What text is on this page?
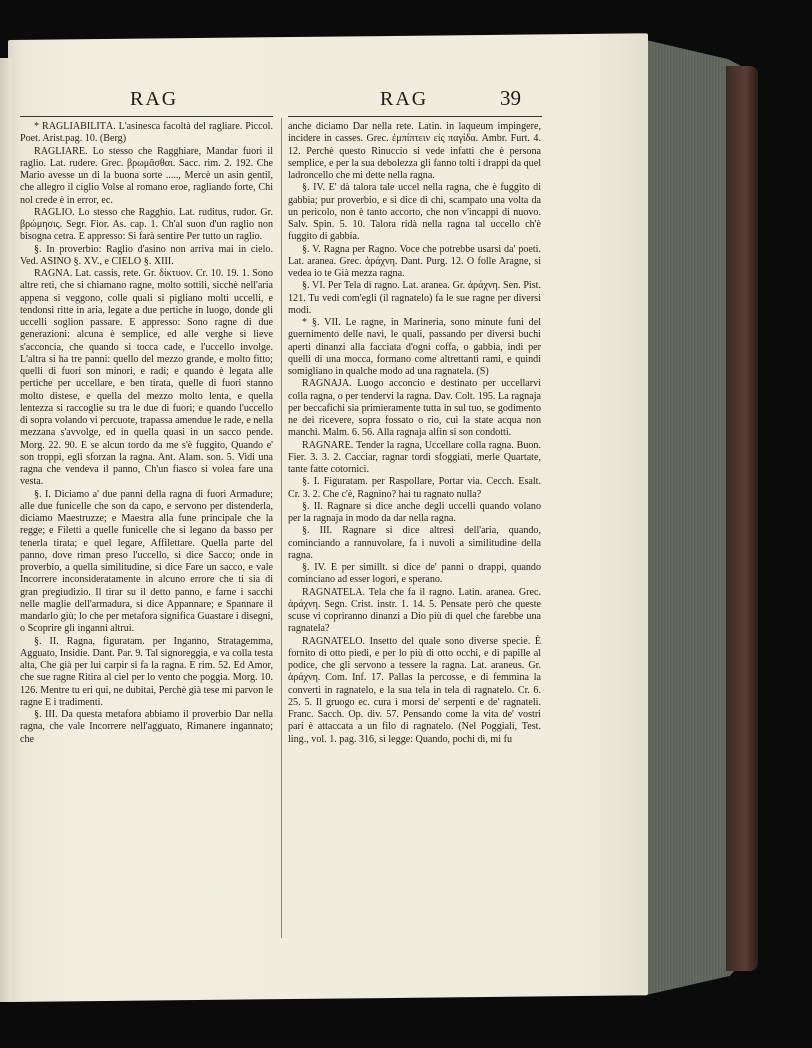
RAG	RAG	39

* RAGLIABILITÀ. L'asinesca facoltà del ragliare. Piccol. Poet. Arist.pag. 10. (Berg)

RAGLIARE. Lo stesso che Ragghiare, Mandar fuori il raglio. Lat. rudere. Grec. βρωμᾶσθαι. Sacc. rim. 2. 192. Che Mario avesse un di la buona sorte ....., Mercè un asin gentil, che allegro il ciglio Volse al romano eroe, ragliando forte, Chi nol crede è in error, ec.

RAGLIO. Lo stesso che Ragghio. Lat. ruditus, rudor. Gr. βρώμησις. Segr. Fior. As. cap. 1. Ch'al suon d'un raglio non bisogna cetra. E appresso: Si farà sentire Per tutto un raglio.

§. In proverbio: Raglio d'asino non arriva mai in cielo. Ved. ASINO §. XV., e CIELO §. XIII.

RAGNA. Lat. cassis, rete. Gr. δίκτυον. Cr. 10. 19. 1. Sono altre reti, che si chiamano ragne, molto sottili, sicchè nell'aria appena si veggono, colle quali si pigliano molti uccelli, e tendonsi ritte in aria, legate a due pertiche in luogo, donde gli uccelli soglion passare. E appresso: Sono ragne di due generazioni: alcuna è semplice, ed alle verghe si lieve s'acconcia, che quando si tocca cade, e l'uccello involge. L'altra si ha tre panni: quello del mezzo grande, e molto fitto; quelli di fuori son minori, e radi; e quando è legata alle pertiche per uccellare, e ben tirata, quelle di fuori stanno molto distese, e quella del mezzo molto lenta, e quella lentezza si raccoglie su tra le due di fuori; e quando l'uccello di sopra volando vi percuote, trapassa amendue le rade, e nella mezzana s'avvolge, ed in quella quasi in un sacco pende. Morg. 22. 90. E se alcun tordo da me s'è fuggito, Quando e' son troppi, egli sforzan la ragna. Ant. Alam. son. 5. Vidi una ragna che vendeva il panno, Ch'un fiasco si volea fare una vesta.

§. I. Diciamo a' due panni della ragna di fuori Armadure; alle due funicelle che son da capo, e servono per distenderla, diciamo Maestruzze; e Maestra alla fune principale che la regge; e Filetti a quelle funicelle che si legano da basso per tenerla tirata; e quel legare, Affilettare. Quella parte del panno, dove riman preso l'uccello, si dice Sacco; onde in proverbio, a quella similitudine, si dice Fare un sacco, e vale Incorrere inconsideratamente in alcuno errore che ti sia di gran pregiudizio. Il tirar su il detto panno, e farne i sacchi nelle maglie dell'armadura, si dice Appannare; e Spannare il mandarlo giù; lo che per metafora significa Guastare i disegni, o Scoprire gli inganni altrui.

§. II. Ragna, figuratam. per Inganno, Stratagemma, Agguato, Insidie. Dant. Par. 9. Tal signoreggia, e va colla testa alta, Che già per lui carpir si fa la ragna. E rim. 52. Ed Amor, che sue ragne Ritira al ciel per lo vento che poggia. Morg. 10. 126. Mentre tu eri qui, ne dubitai, Perchè già tese mi parvon le ragne E i tradimenti.

§. III. Da questa metafora abbiamo il proverbio Dar nella ragna, che vale Incorrere nell'agguato, Rimanere ingannato; che

anche diciamo Dar nella rete. Latin. in laqueum impingere, incidere in casses. Grec. ἐμπίπτειν εἰς παγίδα. Ambr. Furt. 4. 12. Perchè questo Rinuccio si vede infatti che è persona semplice, e per la sua debolezza gli fanno tolti i drappi da quel ladroncello che mi dette nella ragna.

§. IV. E' dà talora tale uccel nella ragna, che è fuggito di gabbia; pur proverbio, e si dice di chi, scampato una volta da un pericolo, non è tanto accorto, che non v'incappi di nuovo. Salv. Spin. 5. 10. Talora ridà nella ragna tal uccello ch'è fuggito di gabbia.

§. V. Ragna per Ragno. Voce che potrebbe usarsi da' poeti. Lat. aranea. Grec. ἀράχνη. Dant. Purg. 12. O folle Aragne, si vedea io te Già mezza ragna.

§. VI. Per Tela di ragno. Lat. aranea. Gr. ἀράχνη. Sen. Pist. 121. Tu vedi com'egli (il ragnatelo) fa le sue ragne per diversi modi.

* §. VII. Le ragne, in Marineria, sono minute funi del guernimento delle navi, le quali, passando per diversi buchi aperti dinanzi alla facciata d'ogni coffa, o gabbia, indi per quelli di una mocca, formano come altrettanti rami, e quindi somigliano in qualche modo ad una ragnatela. (S)

RAGNAJA. Luogo acconcio e destinato per uccellarvi colla ragna, o per tendervi la ragna. Dav. Colt. 195. La ragnaja per beccafichi sia primieramente tutta in sul tuo, se godimento ne dei ricevere, sopra fossato o rio, cui la state acqua non manchi. Malm. 6. 56. Alla ragnaja alfin si son condotti.

RAGNARE. Tender la ragna, Uccellare colla ragna. Buon. Fier. 3. 3. 2. Cacciar, ragnar tordi sfoggiati, merle Quartate, tante fatte cotornici.

§. I. Figuratam. per Raspollare, Portar via. Cecch. Esalt. Cr. 3. 2. Che c'è, Ragnino? hai tu ragnato nulla?

§. II. Ragnare si dice anche degli uccelli quando volano per la ragnaja in modo da dar nella ragna.

§. III. Ragnare si dice altresì dell'aria, quando, cominciando a rannuvolare, fa i nuvoli a similitudine della ragna.

§. IV. E per simillt. si dice de' panni o drappi, quando cominciano ad esser logori, e sperano.

RAGNATELA. Tela che fa il ragno. Latin. aranea. Grec. ἀράχνη. Segn. Crist. instr. 1. 14. 5. Pensate però che queste scuse vi copriranno dinanzi a Dio più di quel che farebbe una ragnatela?

RAGNATELO. Insetto del quale sono diverse specie. È fornito di otto piedi, e per lo più di otto occhi, e di papille al podice, che gli servono a tessere la ragna. Lat. araneus. Gr. ἀράχνη. Com. Inf. 17. Pallas la percosse, e di femmina la converti in ragnatelo, e la sua tela in tela di ragnatelo. Cr. 6. 25. 5. Il gruogo ec. cura i morsi de' serpenti e de' ragnateli. Franc. Sacch. Op. div. 57. Pensando come la vita de' vostri pari è attaccata a un filo di ragnatelo. (Nel Poggiali, Test. ling., vol. 1. pag. 316, si legge: Quando, pochi dì, mi fu
